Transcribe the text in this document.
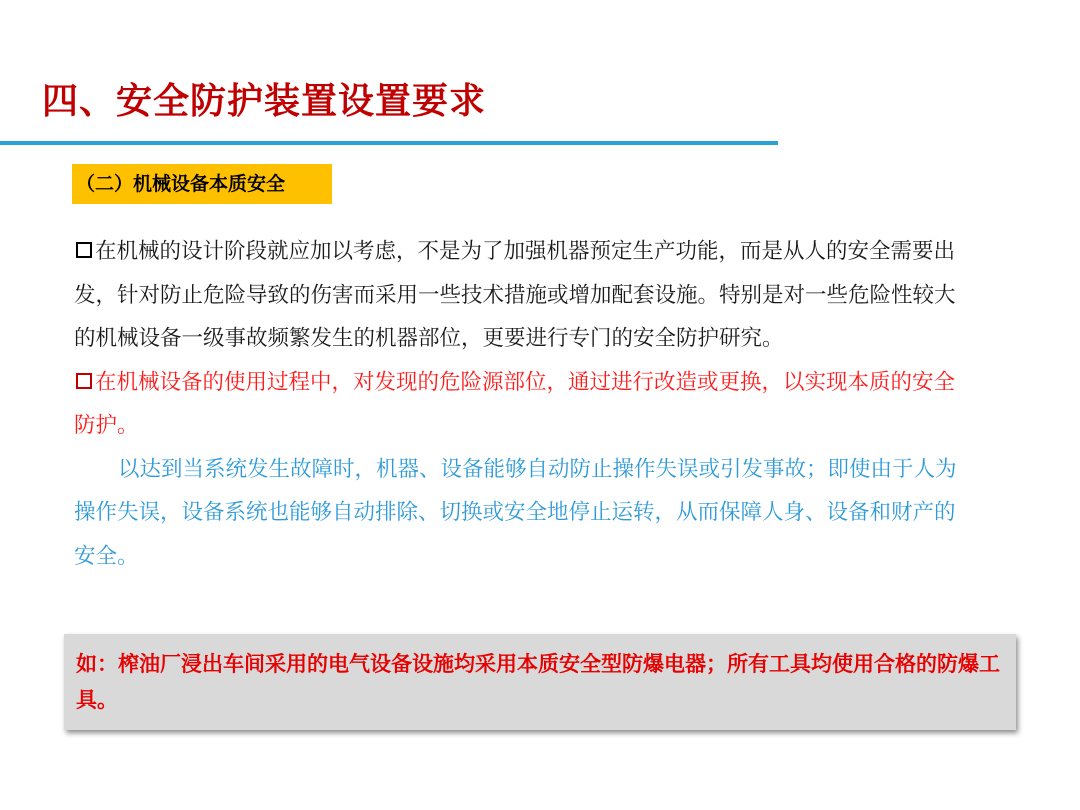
四、安全防护装置设置要求
（二）机械设备本质安全

在机械的设计阶段就应加以考虑，不是为了加强机器预定生产功能，而是从人的安全需要出发，针对防止危险导致的伤害而采用一些技术措施或增加配套设施。特别是对一些危险性较大的机械设备一级事故频繁发生的机器部位，更要进行专门的安全防护研究。

在机械设备的使用过程中，对发现的危险源部位，通过进行改造或更换，以实现本质的安全防护。

以达到当系统发生故障时，机器、设备能够自动防止操作失误或引发事故；即使由于人为操作失误，设备系统也能够自动排除、切换或安全地停止运转，从而保障人身、设备和财产的安全。

如：榨油厂浸出车间采用的电气设备设施均采用本质安全型防爆电器；所有工具均使用合格的防爆工具。
